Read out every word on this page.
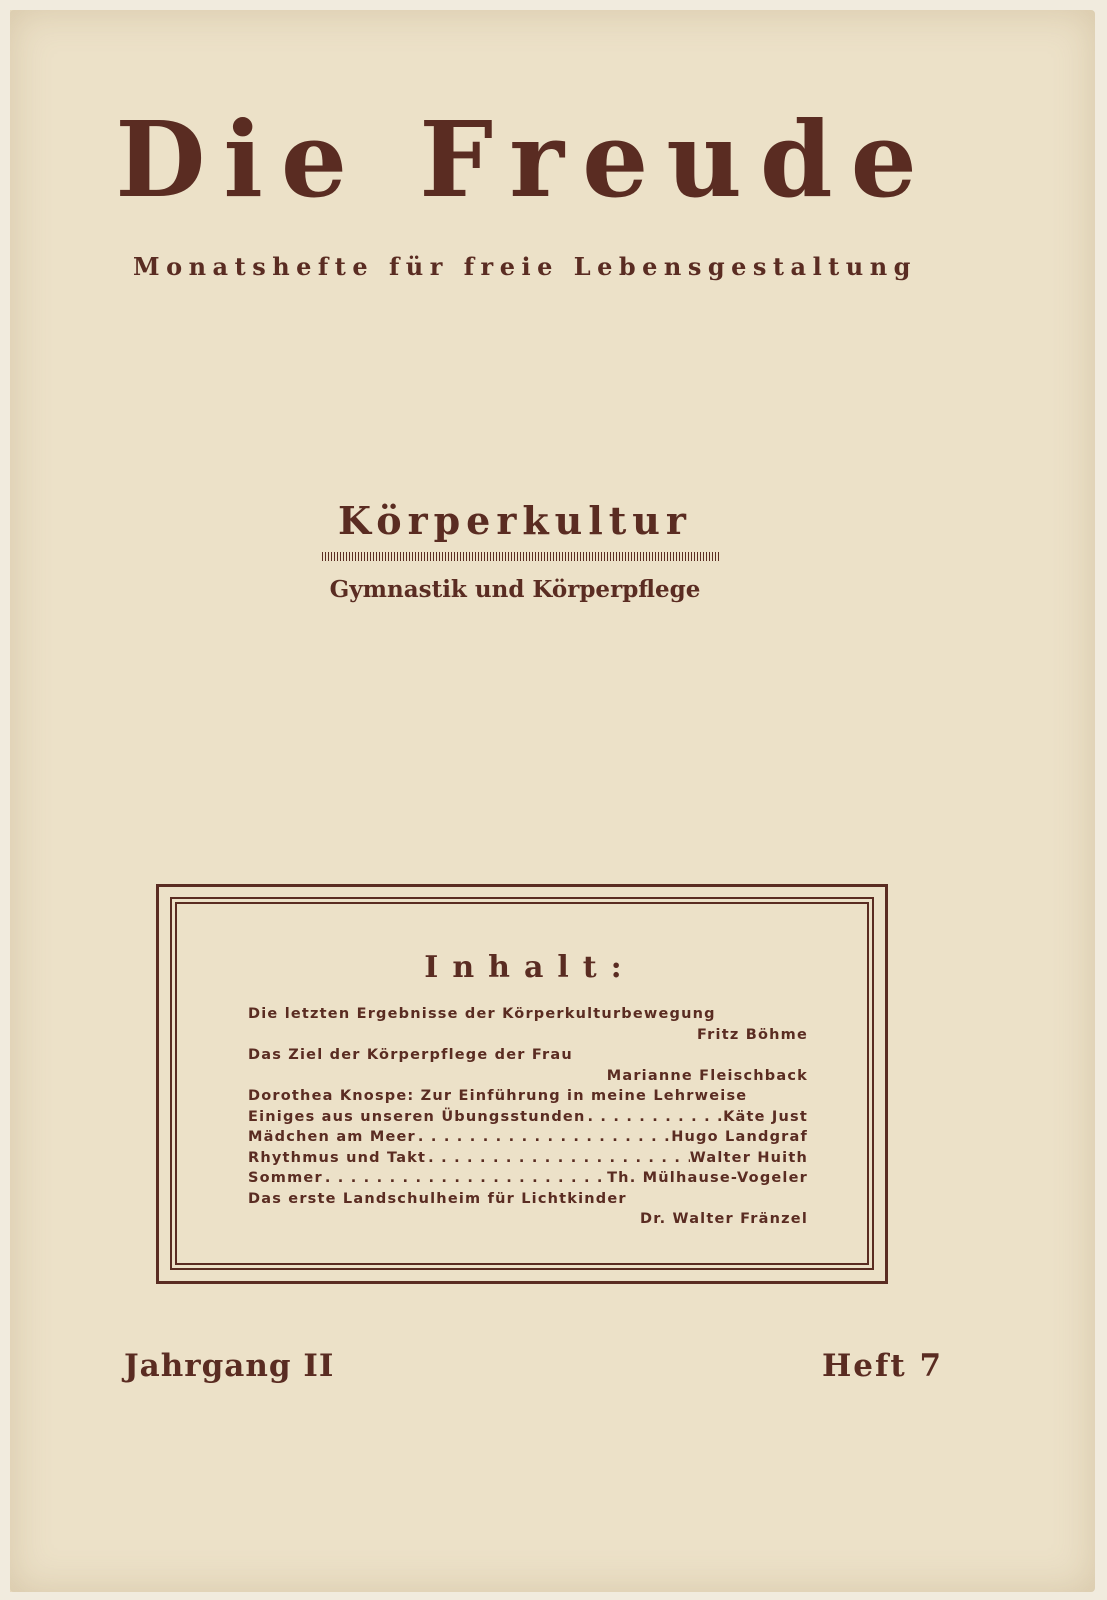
Die Freude
Monatshefte für freie Lebensgestaltung
Körperkultur
Gymnastik und Körperpflege
Inhalt:
Die letzten Ergebnisse der Körperkulturbewegung
Fritz Böhme
Das Ziel der Körperpflege der Frau
Marianne Fleischback
Dorothea Knospe: Zur Einführung in meine Lehrweise
Einiges aus unseren Übungsstunden . . .	Käte Just
Mädchen am Meer . . .	Hugo Landgraf
Rhythmus und Takt . . .	Walter Huith
Sommer . . .	Th. Mülhause-Vogeler
Das erste Landschulheim für Lichtkinder
Dr. Walter Fränzel
Jahrgang II	Heft 7
